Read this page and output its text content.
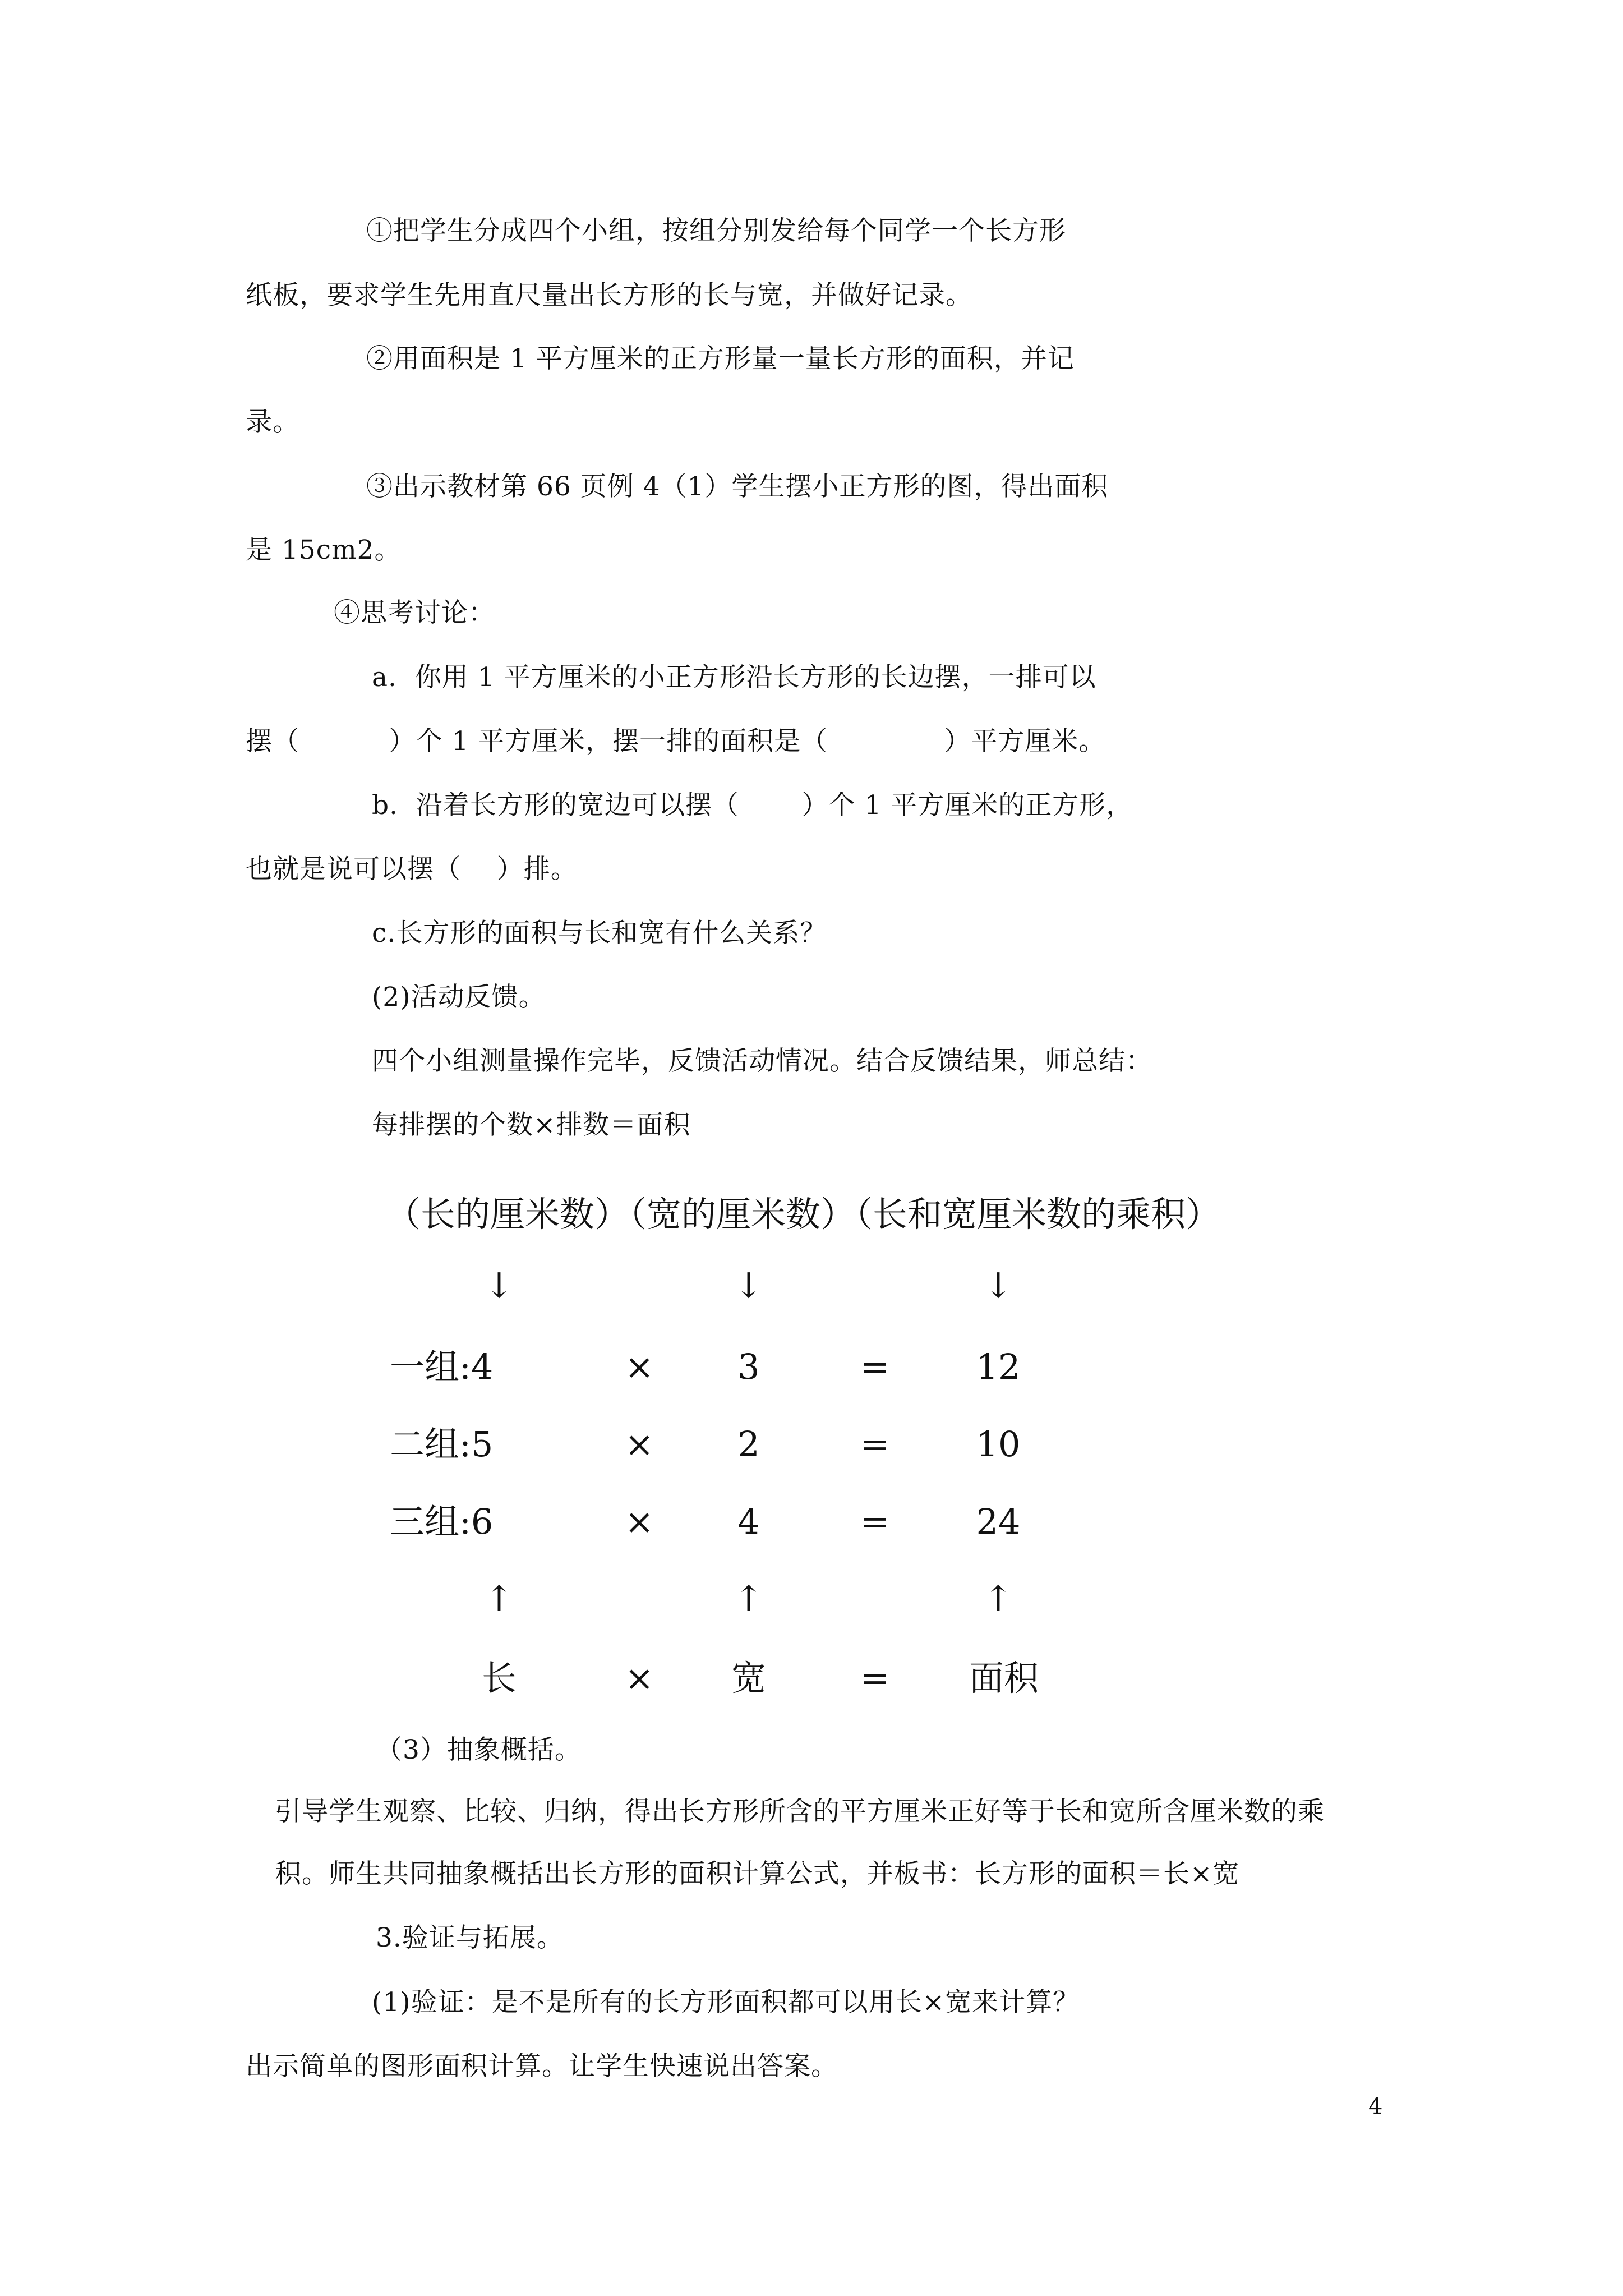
①把学生分成四个小组，按组分别发给每个同学一个长方形
纸板，要求学生先用直尺量出长方形的长与宽，并做好记录。
②用面积是 1 平方厘米的正方形量一量长方形的面积，并记
录。
③出示教材第 66 页例 4（1）学生摆小正方形的图，得出面积
是 15cm2。
④思考讨论：
a.  你用 1 平方厘米的小正方形沿长方形的长边摆，一排可以
摆（          ）个 1 平方厘米，摆一排的面积是（             ）平方厘米。
b.  沿着长方形的宽边可以摆（       ）个 1 平方厘米的正方形，
也就是说可以摆（    ）排。
c.长方形的面积与长和宽有什么关系？
(2)活动反馈。
四个小组测量操作完毕，反馈活动情况。结合反馈结果，师总结：
每排摆的个数×排数＝面积
（长的厘米数）（宽的厘米数）（长和宽厘米数的乘积）
↓	↓	↓
一组:4	×	3	=	12
二组:5	×	2	=	10
三组:6	×	4	=	24
↑	↑	↑
长	×	宽	=	面积
（3）抽象概括。
引导学生观察、比较、归纳，得出长方形所含的平方厘米正好等于长和宽所含厘米数的乘
积。师生共同抽象概括出长方形的面积计算公式，并板书：长方形的面积＝长×宽
3.验证与拓展。
(1)验证：是不是所有的长方形面积都可以用长×宽来计算？
出示简单的图形面积计算。让学生快速说出答案。
4
